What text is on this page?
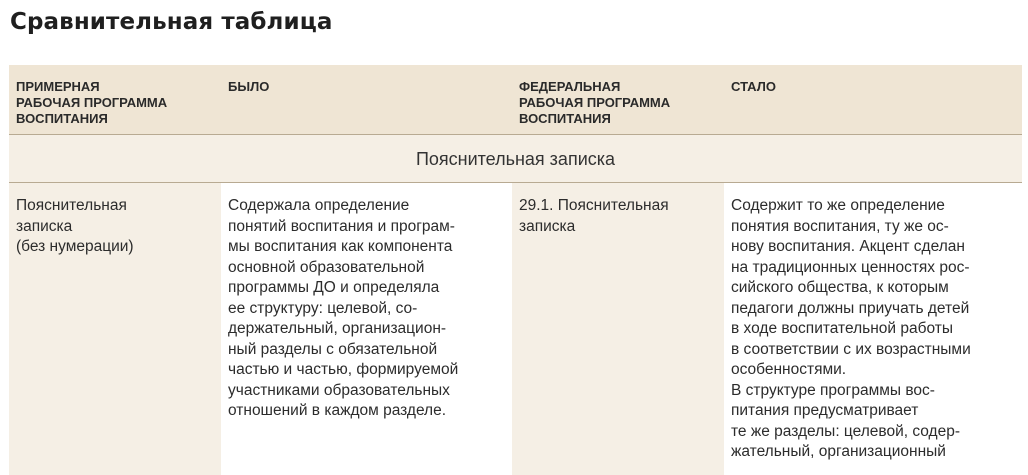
Сравнительная таблица
ПРИМЕРНАЯ
РАБОЧАЯ ПРОГРАММА
ВОСПИТАНИЯ
БЫЛО	ФЕДЕРАЛЬНАЯ
РАБОЧАЯ ПРОГРАММА
ВОСПИТАНИЯ
СТАЛО
Пояснительная записка
Пояснительная
записка
(без нумерации)
Содержала определение
понятий воспитания и програм-
мы воспитания как компонента
основной образовательной
программы ДО и определяла
ее структуру: целевой, со-
держательный, организацион-
ный разделы с обязательной
частью и частью, формируемой
участниками образовательных
отношений в каждом разделе.
29.1. Пояснительная
записка
Содержит то же определение
понятия воспитания, ту же ос-
нову воспитания. Акцент сделан
на традиционных ценностях рос-
сийского общества, к которым
педагоги должны приучать детей
в ходе воспитательной работы
в соответствии с их возрастными
особенностями.
В структуре программы вос-
питания предусматривает
те же разделы: целевой, содер-
жательный, организационный
